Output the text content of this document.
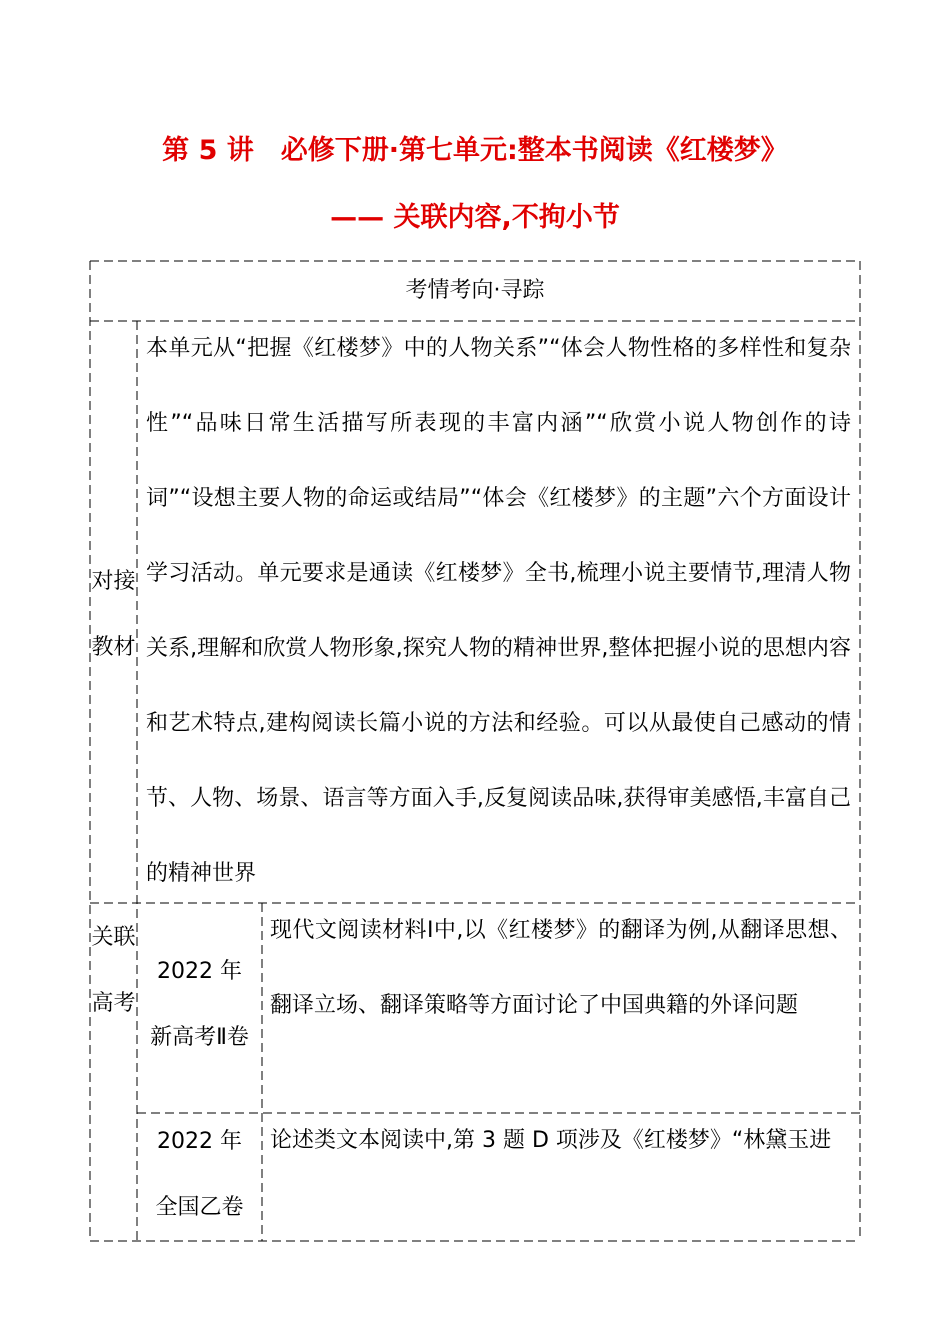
第 5 讲　必修下册·第七单元:整本书阅读《红楼梦》
—— 关联内容,不拘小节
考情考向·寻踪
对接
教材
本单元从“把握《红楼梦》中的人物关系”“体会人物性格的多样性和复杂性”“品味日常生活描写所表现的丰富内涵”“欣赏小说人物创作的诗词”“设想主要人物的命运或结局”“体会《红楼梦》的主题”六个方面设计学习活动。单元要求是通读《红楼梦》全书,梳理小说主要情节,理清人物关系,理解和欣赏人物形象,探究人物的精神世界,整体把握小说的思想内容和艺术特点,建构阅读长篇小说的方法和经验。可以从最使自己感动的情节、人物、场景、语言等方面入手,反复阅读品味,获得审美感悟,丰富自己的精神世界
关联
高考
2022 年
新高考Ⅱ卷
现代文阅读材料Ⅰ中,以《红楼梦》的翻译为例,从翻译思想、翻译立场、翻译策略等方面讨论了中国典籍的外译问题
2022 年
全国乙卷
论述类文本阅读中,第 3 题 D 项涉及《红楼梦》“林黛玉进
